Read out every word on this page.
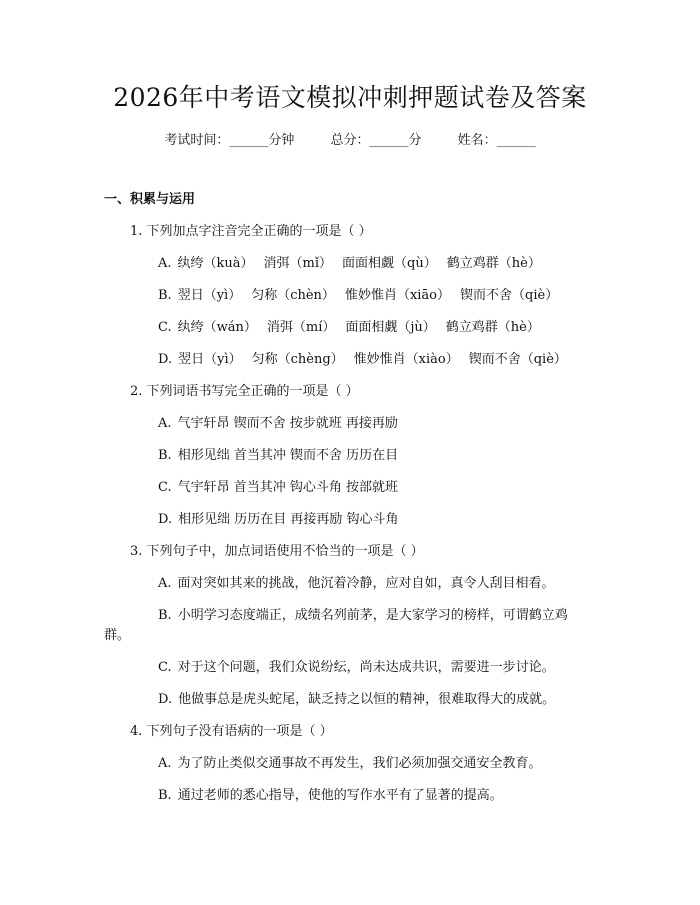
2026年中考语文模拟冲刺押题试卷及答案
考试时间：______分钟	总分：______分	姓名：______
一、积累与运用
1. 下列加点字注音完全正确的一项是（ ）
A. 纨绔（kuà） 消弭（mǐ） 面面相觑（qù） 鹤立鸡群（hè）
B. 翌日（yì） 匀称（chèn） 惟妙惟肖（xiāo） 锲而不舍（qiè）
C. 纨绔（wán） 消弭（mí） 面面相觑（jù） 鹤立鸡群（hè）
D. 翌日（yì） 匀称（chèng） 惟妙惟肖（xiào） 锲而不舍（qiè）
2. 下列词语书写完全正确的一项是（ ）
A. 气宇轩昂 锲而不舍 按步就班 再接再励
B. 相形见绌 首当其冲 锲而不舍 历历在目
C. 气宇轩昂 首当其冲 钩心斗角 按部就班
D. 相形见绌 历历在目 再接再励 钩心斗角
3. 下列句子中，加点词语使用不恰当的一项是（ ）
A. 面对突如其来的挑战，他沉着冷静，应对自如，真令人刮目相看。
B. 小明学习态度端正，成绩名列前茅，是大家学习的榜样，可谓鹤立鸡
群。
C. 对于这个问题，我们众说纷纭，尚未达成共识，需要进一步讨论。
D. 他做事总是虎头蛇尾，缺乏持之以恒的精神，很难取得大的成就。
4. 下列句子没有语病的一项是（ ）
A. 为了防止类似交通事故不再发生，我们必须加强交通安全教育。
B. 通过老师的悉心指导，使他的写作水平有了显著的提高。
